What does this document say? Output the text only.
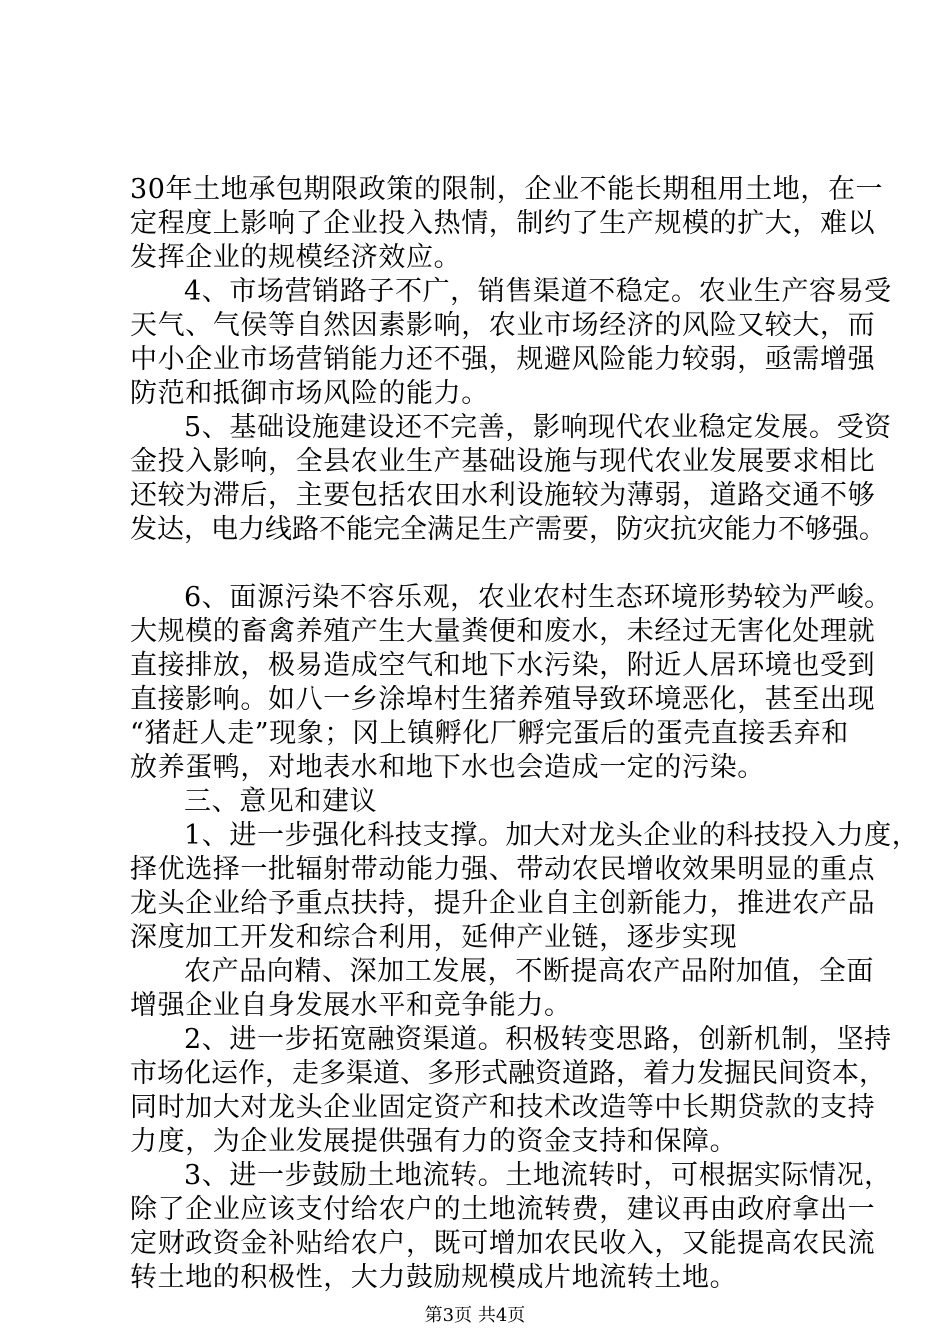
30年土地承包期限政策的限制，企业不能长期租用土地，在一
定程度上影响了企业投入热情，制约了生产规模的扩大，难以
发挥企业的规模经济效应。
4、市场营销路子不广，销售渠道不稳定。农业生产容易受
天气、气侯等自然因素影响，农业市场经济的风险又较大，而
中小企业市场营销能力还不强，规避风险能力较弱，亟需增强
防范和抵御市场风险的能力。
5、基础设施建设还不完善，影响现代农业稳定发展。受资
金投入影响，全县农业生产基础设施与现代农业发展要求相比
还较为滞后，主要包括农田水利设施较为薄弱，道路交通不够
发达，电力线路不能完全满足生产需要，防灾抗灾能力不够强。
6、面源污染不容乐观，农业农村生态环境形势较为严峻。
大规模的畜禽养殖产生大量粪便和废水，未经过无害化处理就
直接排放，极易造成空气和地下水污染，附近人居环境也受到
直接影响。如八一乡涂埠村生猪养殖导致环境恶化，甚至出现
“猪赶人走”现象；冈上镇孵化厂孵完蛋后的蛋壳直接丢弃和
放养蛋鸭，对地表水和地下水也会造成一定的污染。
三、意见和建议
1、进一步强化科技支撑。加大对龙头企业的科技投入力度，
择优选择一批辐射带动能力强、带动农民增收效果明显的重点
龙头企业给予重点扶持，提升企业自主创新能力，推进农产品
深度加工开发和综合利用，延伸产业链，逐步实现
农产品向精、深加工发展，不断提高农产品附加值，全面
增强企业自身发展水平和竞争能力。
2、进一步拓宽融资渠道。积极转变思路，创新机制，坚持
市场化运作，走多渠道、多形式融资道路，着力发掘民间资本，
同时加大对龙头企业固定资产和技术改造等中长期贷款的支持
力度，为企业发展提供强有力的资金支持和保障。
3、进一步鼓励土地流转。土地流转时，可根据实际情况，
除了企业应该支付给农户的土地流转费，建议再由政府拿出一
定财政资金补贴给农户，既可增加农民收入，又能提高农民流
转土地的积极性，大力鼓励规模成片地流转土地。
第3页 共4页
